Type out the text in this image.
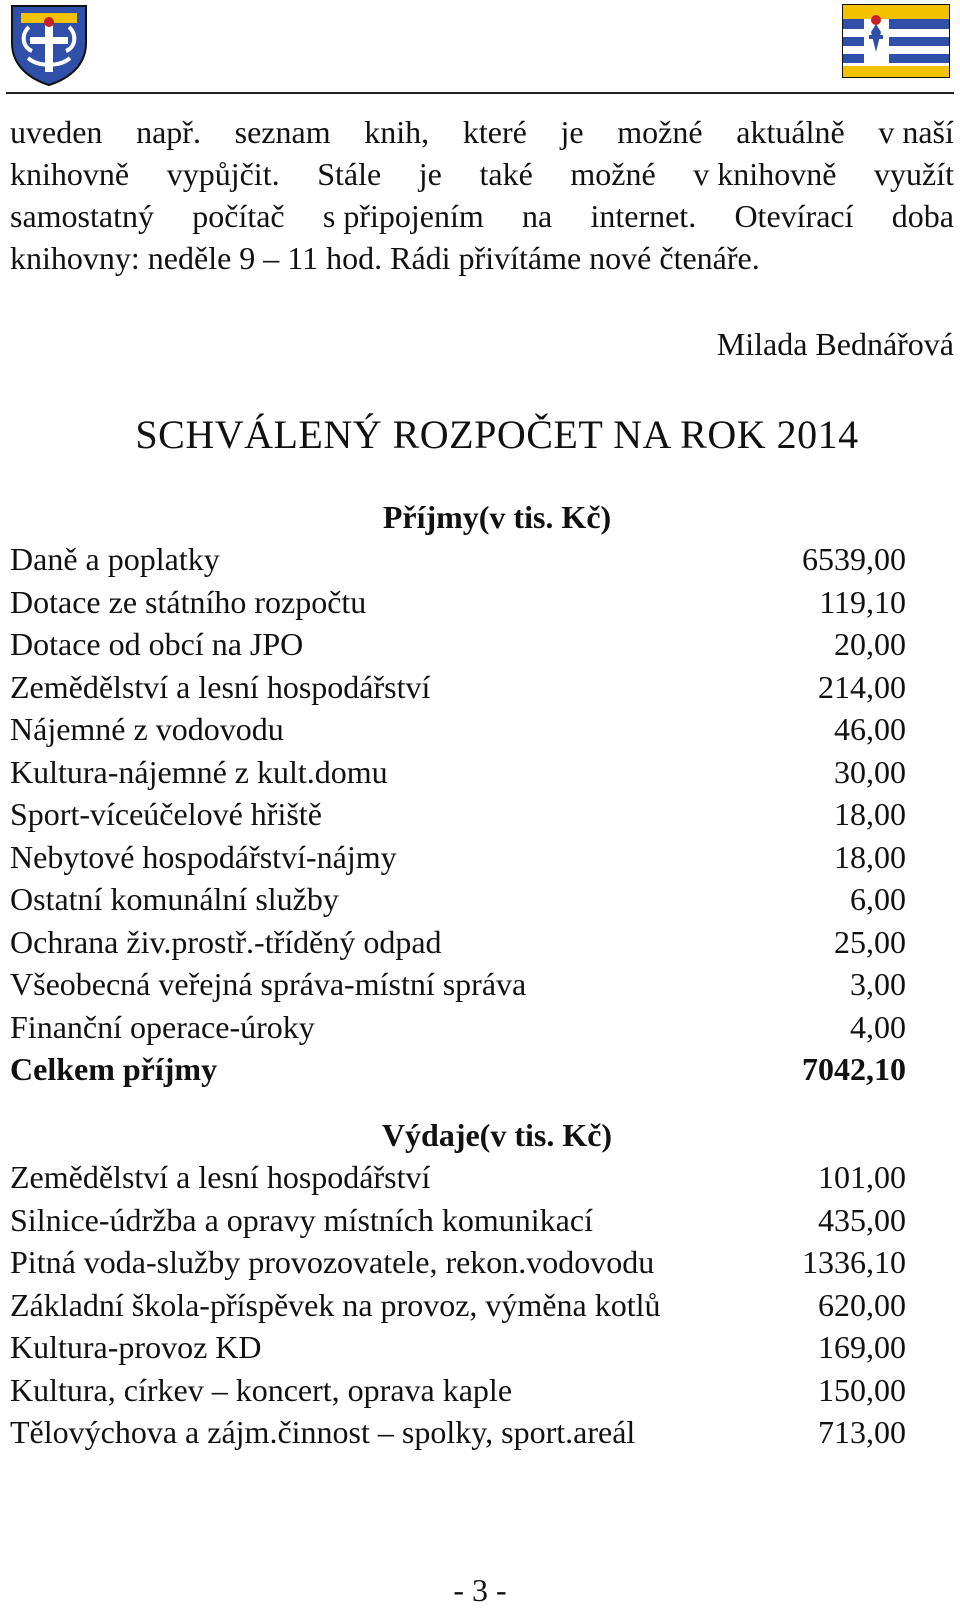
uveden např. seznam knih, které je možné aktuálně v naší
knihovně vypůjčit. Stále je také možné v knihovně využít
samostatný počítač s připojením na internet. Otevírací doba
knihovny: neděle 9 – 11 hod. Rádi přivítáme nové čtenáře.
Milada Bednářová
SCHVÁLENÝ ROZPOČET NA ROK 2014
Příjmy(v tis. Kč)
Daně a poplatky	6539,00
Dotace ze státního rozpočtu	119,10
Dotace od obcí na JPO	20,00
Zemědělství a lesní hospodářství	214,00
Nájemné z vodovodu	46,00
Kultura-nájemné z kult.domu	30,00
Sport-víceúčelové hřiště	18,00
Nebytové hospodářství-nájmy	18,00
Ostatní komunální služby	6,00
Ochrana živ.prostř.-tříděný odpad	25,00
Všeobecná veřejná správa-místní správa	3,00
Finanční operace-úroky	4,00
Celkem příjmy	7042,10
Výdaje(v tis. Kč)
Zemědělství a lesní hospodářství	101,00
Silnice-údržba a opravy místních komunikací	435,00
Pitná voda-služby provozovatele, rekon.vodovodu	1336,10
Základní škola-příspěvek na provoz, výměna kotlů	620,00
Kultura-provoz KD	169,00
Kultura, církev – koncert, oprava kaple	150,00
Tělovýchova a zájm.činnost – spolky, sport.areál	713,00
- 3 -
